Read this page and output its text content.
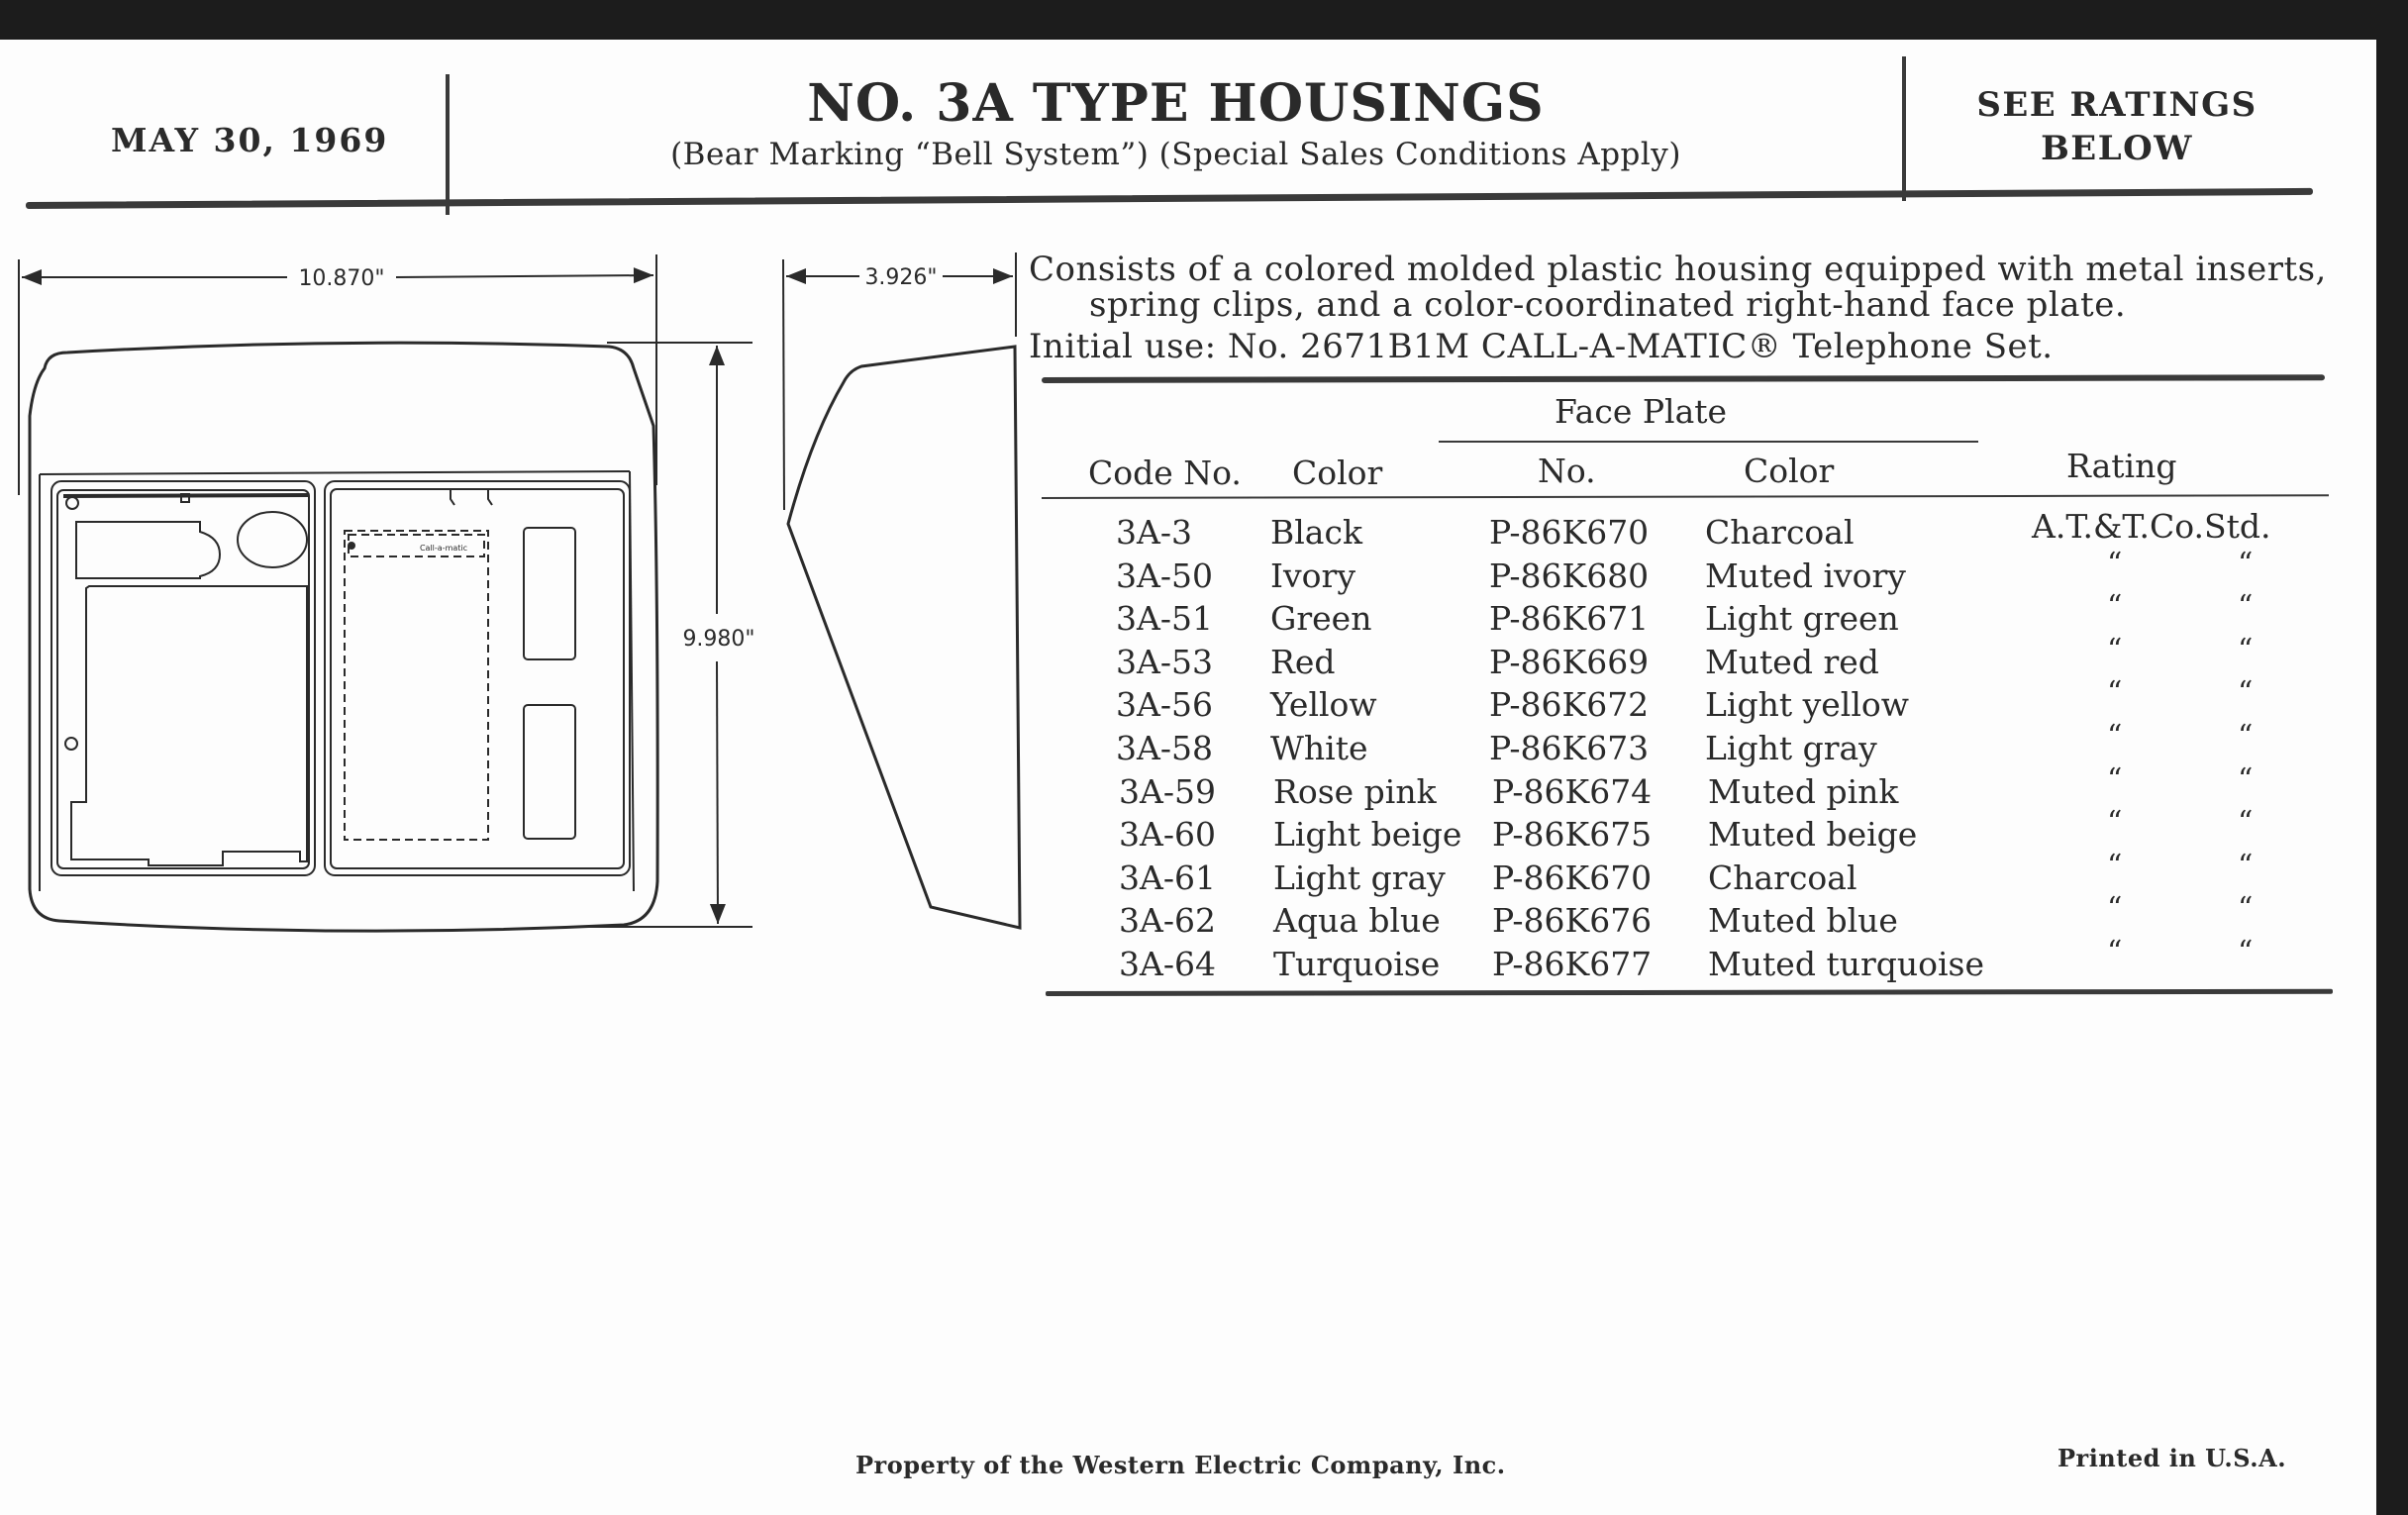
MAY 30, 1969
NO. 3A TYPE HOUSINGS
(Bear Marking “Bell System”) (Special Sales Conditions Apply)
SEE RATINGS
BELOW
10.870"
9.980"
3.926"
Call-a-matic
Consists of a colored molded plastic housing equipped with metal inserts,
spring clips, and a color-coordinated right-hand face plate.
Initial use: No. 2671B1M CALL-A-MATIC® Telephone Set.
Face Plate
Code No. Color	No.	Color	Rating
3A-3 Black	P-86K670 Charcoal	A.T.&T.Co.Std.
3A-50 Ivory	P-86K680 Muted ivory	“	“
3A-51 Green	P-86K671 Light green	“	“
3A-53 Red	P-86K669 Muted red	“	“
3A-56 Yellow	P-86K672 Light yellow	“	“
3A-58 White	P-86K673 Light gray	“	“
3A-59 Rose pink P-86K674 Muted pink	“	“
3A-60 Light beige P-86K675 Muted beige	“	“
3A-61 Light gray P-86K670 Charcoal	“	“
3A-62 Aqua blue P-86K676 Muted blue	“	“
3A-64 Turquoise P-86K677 Muted turquoise	“	“
Property of the Western Electric Company, Inc.	Printed in U.S.A.
